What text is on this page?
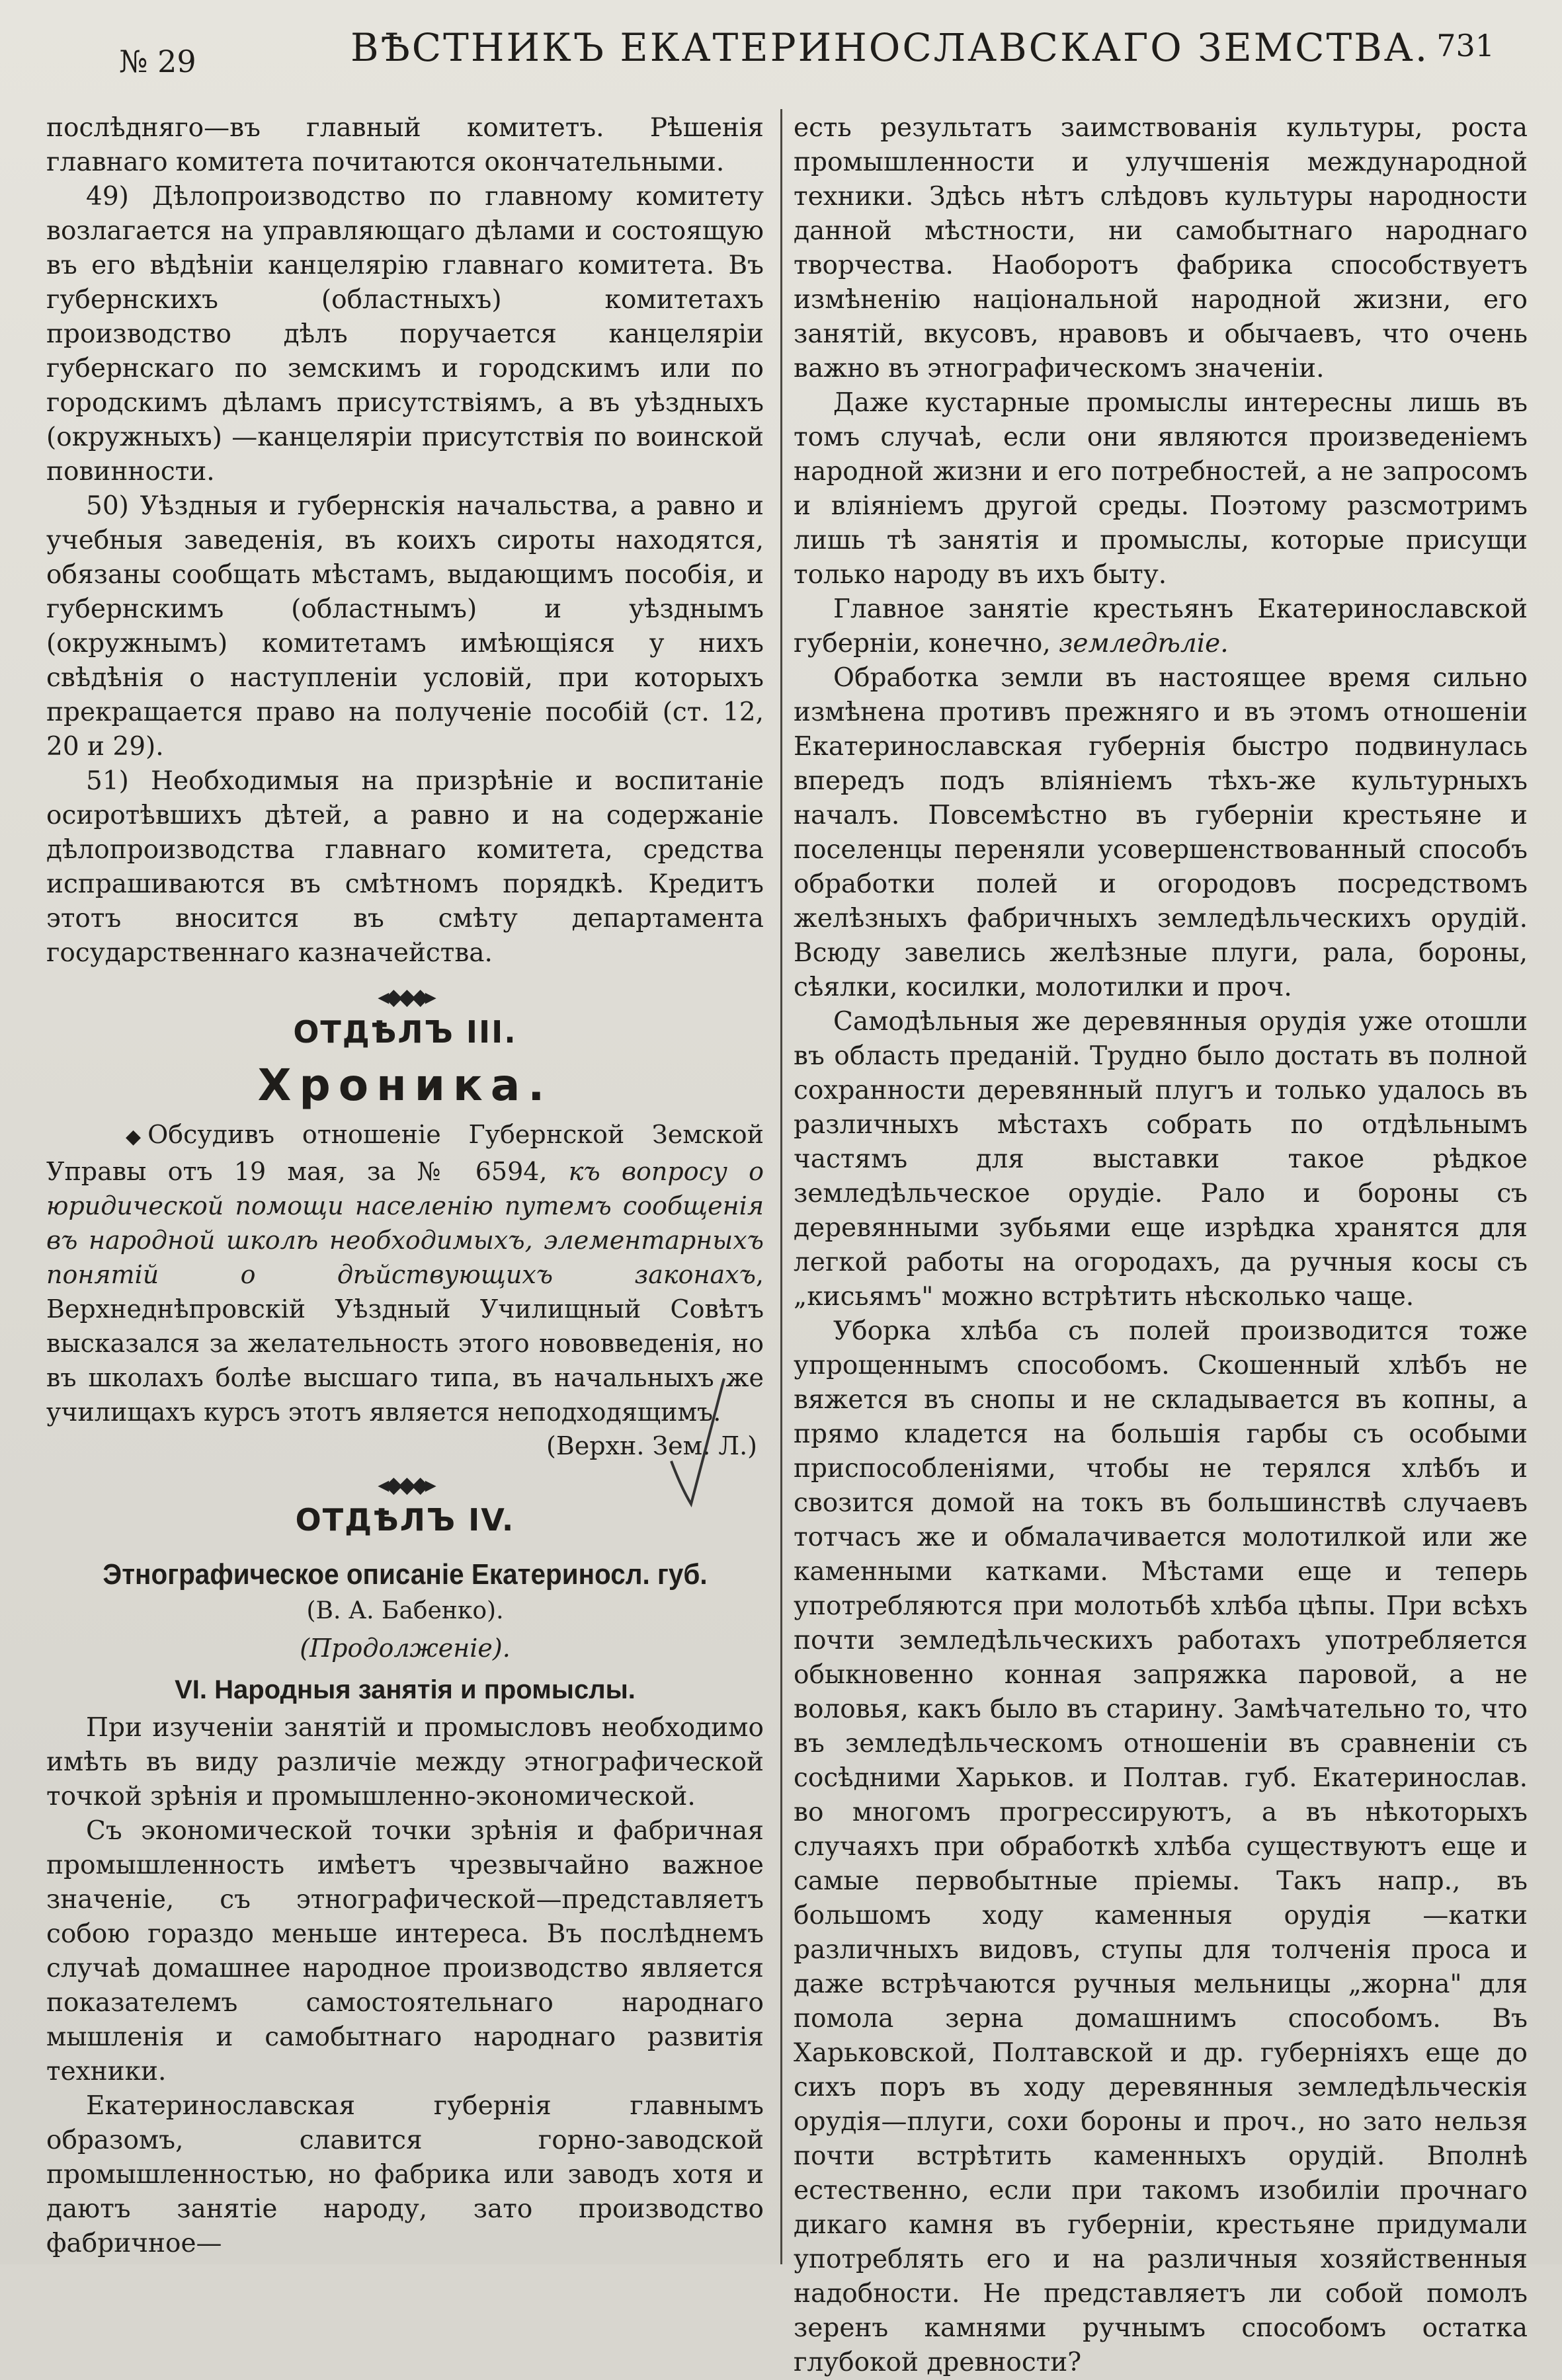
№ 29	ВѢСТНИКЪ ЕКАТЕРИНОСЛАВСКАГО ЗЕМСТВА. 731

послѣдняго—въ главный комитетъ. Рѣшенія главнаго комитета почитаются окончательными.

49) Дѣлопроизводство по главному комитету возлагается на управляющаго дѣлами и состоящую въ его вѣдѣніи канцелярію главнаго комитета. Въ губернскихъ (областныхъ) комитетахъ производство дѣлъ поручается канцеляріи губернскаго по земскимъ и городскимъ или по городскимъ дѣламъ присутствіямъ, а въ уѣздныхъ (окружныхъ) —канцеляріи присутствія по воинской повинности.

50) Уѣздныя и губернскія начальства, а равно и учебныя заведенія, въ коихъ сироты находятся, обязаны сообщать мѣстамъ, выдающимъ пособія, и губернскимъ (областнымъ) и уѣзднымъ (окружнымъ) комитетамъ имѣющіяся у нихъ свѣдѣнія о наступленіи условій, при которыхъ прекращается право на полученіе пособій (ст. 12, 20 и 29).

51) Необходимыя на призрѣніе и воспитаніе осиротѣвшихъ дѣтей, а равно и на содержаніе дѣлопроизводства главнаго комитета, средства испрашиваются въ смѣтномъ порядкѣ. Кредитъ этотъ вносится въ смѣту департамента государственнаго казначейства.

◂◆◆◆▸

ОТДѢЛЪ III.

Хроника.

◆ Обсудивъ отношеніе Губернской Земской Управы отъ 19 мая, за № 6594, къ вопросу о юридической помощи населенію путемъ сообщенія въ народной школѣ необходимыхъ, элементарныхъ понятій о дѣйствующихъ законахъ, Верхнеднѣпровскій Уѣздный Училищный Совѣтъ высказался за желательность этого нововведенія, но въ школахъ болѣе высшаго типа, въ начальныхъ же училищахъ курсъ этотъ является неподходящимъ.

(Верхн. Зем. Л.)

◂◆◆◆▸

ОТДѢЛЪ IV.

Этнографическое описаніе Екатериносл. губ.

(В. А. Бабенко).

(Продолженіе).

VI. Народныя занятія и промыслы.

При изученіи занятій и промысловъ необходимо имѣть въ виду различіе между этнографической точкой зрѣнія и промышленно-экономической.

Съ экономической точки зрѣнія и фабричная промышленность имѣетъ чрезвычайно важное значеніе, съ этнографической—представляетъ собою гораздо меньше интереса. Въ послѣднемъ случаѣ домашнее народное производство является показателемъ самостоятельнаго народнаго мышленія и самобытнаго народнаго развитія техники.

Екатеринославская губернія главнымъ образомъ, славится горно-заводской промышленностью, но фабрика или заводъ хотя и даютъ занятіе народу, зато производство фабричное—

есть результатъ заимствованія культуры, роста промышленности и улучшенія международной техники. Здѣсь нѣтъ слѣдовъ культуры народности данной мѣстности, ни самобытнаго народнаго творчества. Наоборотъ фабрика способствуетъ измѣненію національной народной жизни, его занятій, вкусовъ, нравовъ и обычаевъ, что очень важно въ этнографическомъ значеніи.

Даже кустарные промыслы интересны лишь въ томъ случаѣ, если они являются произведеніемъ народной жизни и его потребностей, а не запросомъ и вліяніемъ другой среды. Поэтому разсмотримъ лишь тѣ занятія и промыслы, которые присущи только народу въ ихъ быту.

Главное занятіе крестьянъ Екатеринославской губерніи, конечно, земледѣліе.

Обработка земли въ настоящее время сильно измѣнена противъ прежняго и въ этомъ отношеніи Екатеринославская губернія быстро подвинулась впередъ подъ вліяніемъ тѣхъ-же культурныхъ началъ. Повсемѣстно въ губерніи крестьяне и поселенцы переняли усовершенствованный способъ обработки полей и огородовъ посредствомъ желѣзныхъ фабричныхъ земледѣльческихъ орудій. Всюду завелись желѣзные плуги, рала, бороны, сѣялки, косилки, молотилки и проч.

Самодѣльныя же деревянныя орудія уже отошли въ область преданій. Трудно было достать въ полной сохранности деревянный плугъ и только удалось въ различныхъ мѣстахъ собрать по отдѣльнымъ частямъ для выставки такое рѣдкое земледѣльческое орудіе. Рало и бороны съ деревянными зубьями еще изрѣдка хранятся для легкой работы на огородахъ, да ручныя косы съ „кисьямъ" можно встрѣтить нѣсколько чаще.

Уборка хлѣба съ полей производится тоже упрощеннымъ способомъ. Скошенный хлѣбъ не вяжется въ снопы и не складывается въ копны, а прямо кладется на большія гарбы съ особыми приспособленіями, чтобы не терялся хлѣбъ и свозится домой на токъ въ большинствѣ случаевъ тотчасъ же и обмалачивается молотилкой или же каменными катками. Мѣстами еще и теперь употребляются при молотьбѣ хлѣба цѣпы. При всѣхъ почти земледѣльческихъ работахъ употребляется обыкновенно конная запряжка паровой, а не воловья, какъ было въ старину. Замѣчательно то, что въ земледѣльческомъ отношеніи въ сравненіи съ сосѣдними Харьков. и Полтав. губ. Екатеринослав. во многомъ прогрессируютъ, а въ нѣкоторыхъ случаяхъ при обработкѣ хлѣба существуютъ еще и самые первобытные пріемы. Такъ напр., въ большомъ ходу каменныя орудія —катки различныхъ видовъ, ступы для толченія проса и даже встрѣчаются ручныя мельницы „жорна" для помола зерна домашнимъ способомъ. Въ Харьковской, Полтавской и др. губерніяхъ еще до сихъ поръ въ ходу деревянныя земледѣльческія орудія—плуги, сохи бороны и проч., но зато нельзя почти встрѣтить каменныхъ орудій. Вполнѣ естественно, если при такомъ изобиліи прочнаго дикаго камня въ губерніи, крестьяне придумали употреблять его и на различныя хозяйственныя надобности. Не представляетъ ли собой помолъ зеренъ камнями ручнымъ способомъ остатка глубокой древности?
